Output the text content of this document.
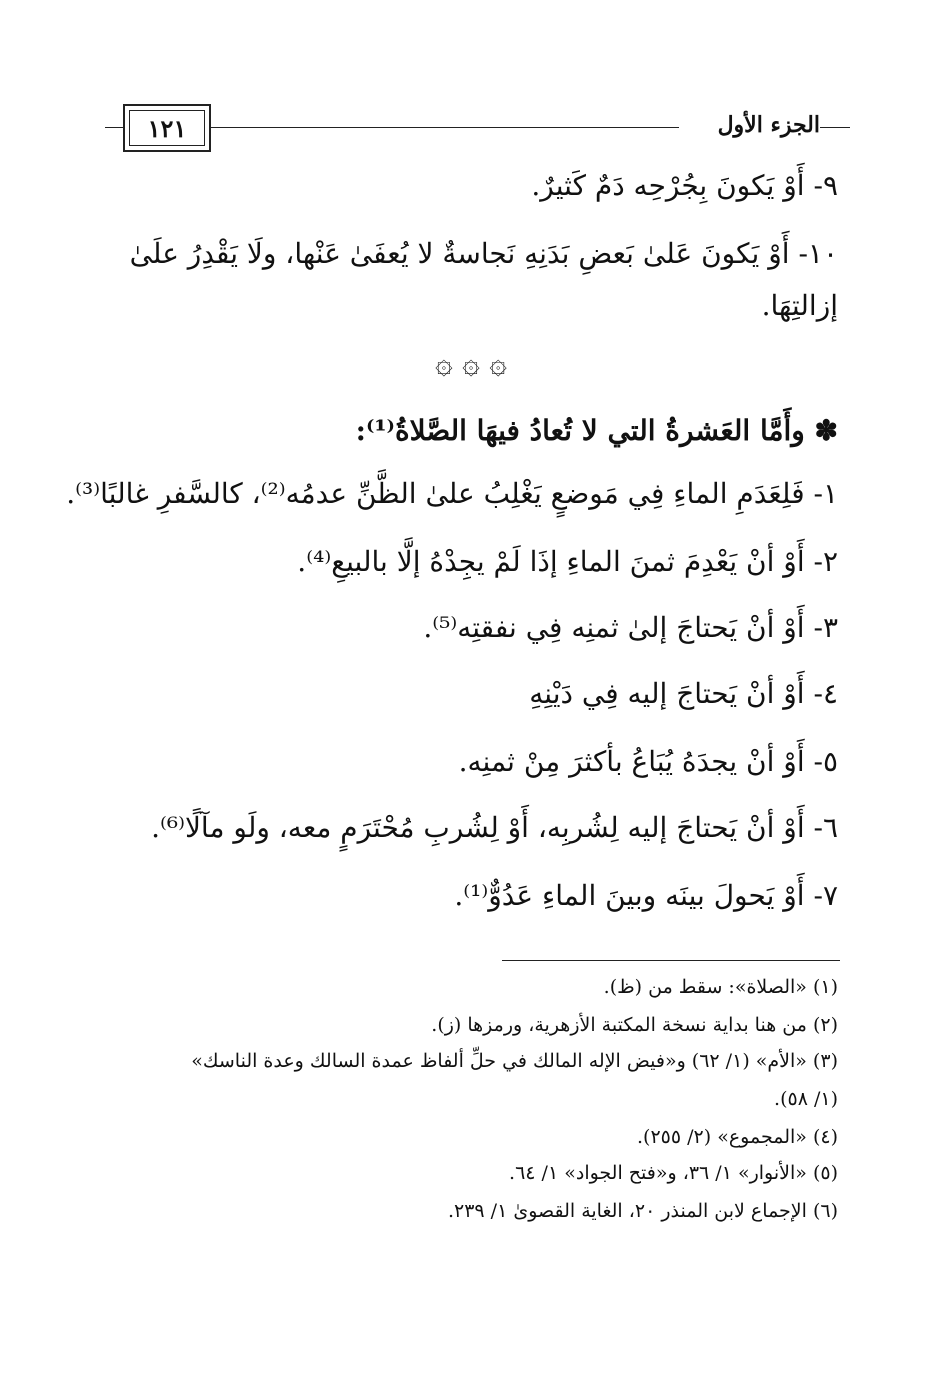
١٢١	الجزء الأول
٩- أَوْ يَكونَ بِجُرْحِه دَمٌ كَثيرٌ.
١٠- أَوْ يَكونَ عَلىٰ بَعضِ بَدَنِهِ نَجاسةٌ لا يُعفَىٰ عَنْها، ولَا يَقْدِرُ علَىٰ
إزالتِهَا.
۞ ۞ ۞
✽ وأَمَّا العَشرةُ التي لا تُعادُ فيهَا الصَّلاةُ⁽¹⁾:
١- فَلِعَدَمِ الماءِ فِي مَوضعٍ يَغْلِبُ علىٰ الظَّنِّ عدمُه⁽²⁾، كالسَّفرِ غالبًا⁽³⁾.
٢- أَوْ أنْ يَعْدِمَ ثمنَ الماءِ إذَا لَمْ يجِدْهُ إلَّا بالبيعِ⁽⁴⁾.
٣- أَوْ أنْ يَحتاجَ إلىٰ ثمنِه فِي نفقتِه⁽⁵⁾.
٤- أَوْ أنْ يَحتاجَ إليه فِي دَيْنِهِ
٥- أَوْ أنْ يجدَهُ يُبَاعُ بأكثرَ مِنْ ثمنِه.
٦- أَوْ أنْ يَحتاجَ إليه لِشُربِه، أَوْ لِشُربِ مُحْتَرَمٍ معه، ولَو مآلًا⁽⁶⁾.
٧- أَوْ يَحولَ بينَه وبينَ الماءِ عَدُوٌّ⁽¹⁾.
(١) «الصلاة»: سقط من (ظ).
(٢) من هنا بداية نسخة المكتبة الأزهرية، ورمزها (ز).
(٣) «الأم» (١/ ٦٢) و«فيض الإله المالك في حلِّ ألفاظ عمدة السالك وعدة الناسك»
(١/ ٥٨).
(٤) «المجموع» (٢/ ٢٥٥).
(٥) «الأنوار» ١/ ٣٦، و«فتح الجواد» ١/ ٦٤.
(٦) الإجماع لابن المنذر ٢٠، الغاية القصوىٰ ١/ ٢٣٩.
